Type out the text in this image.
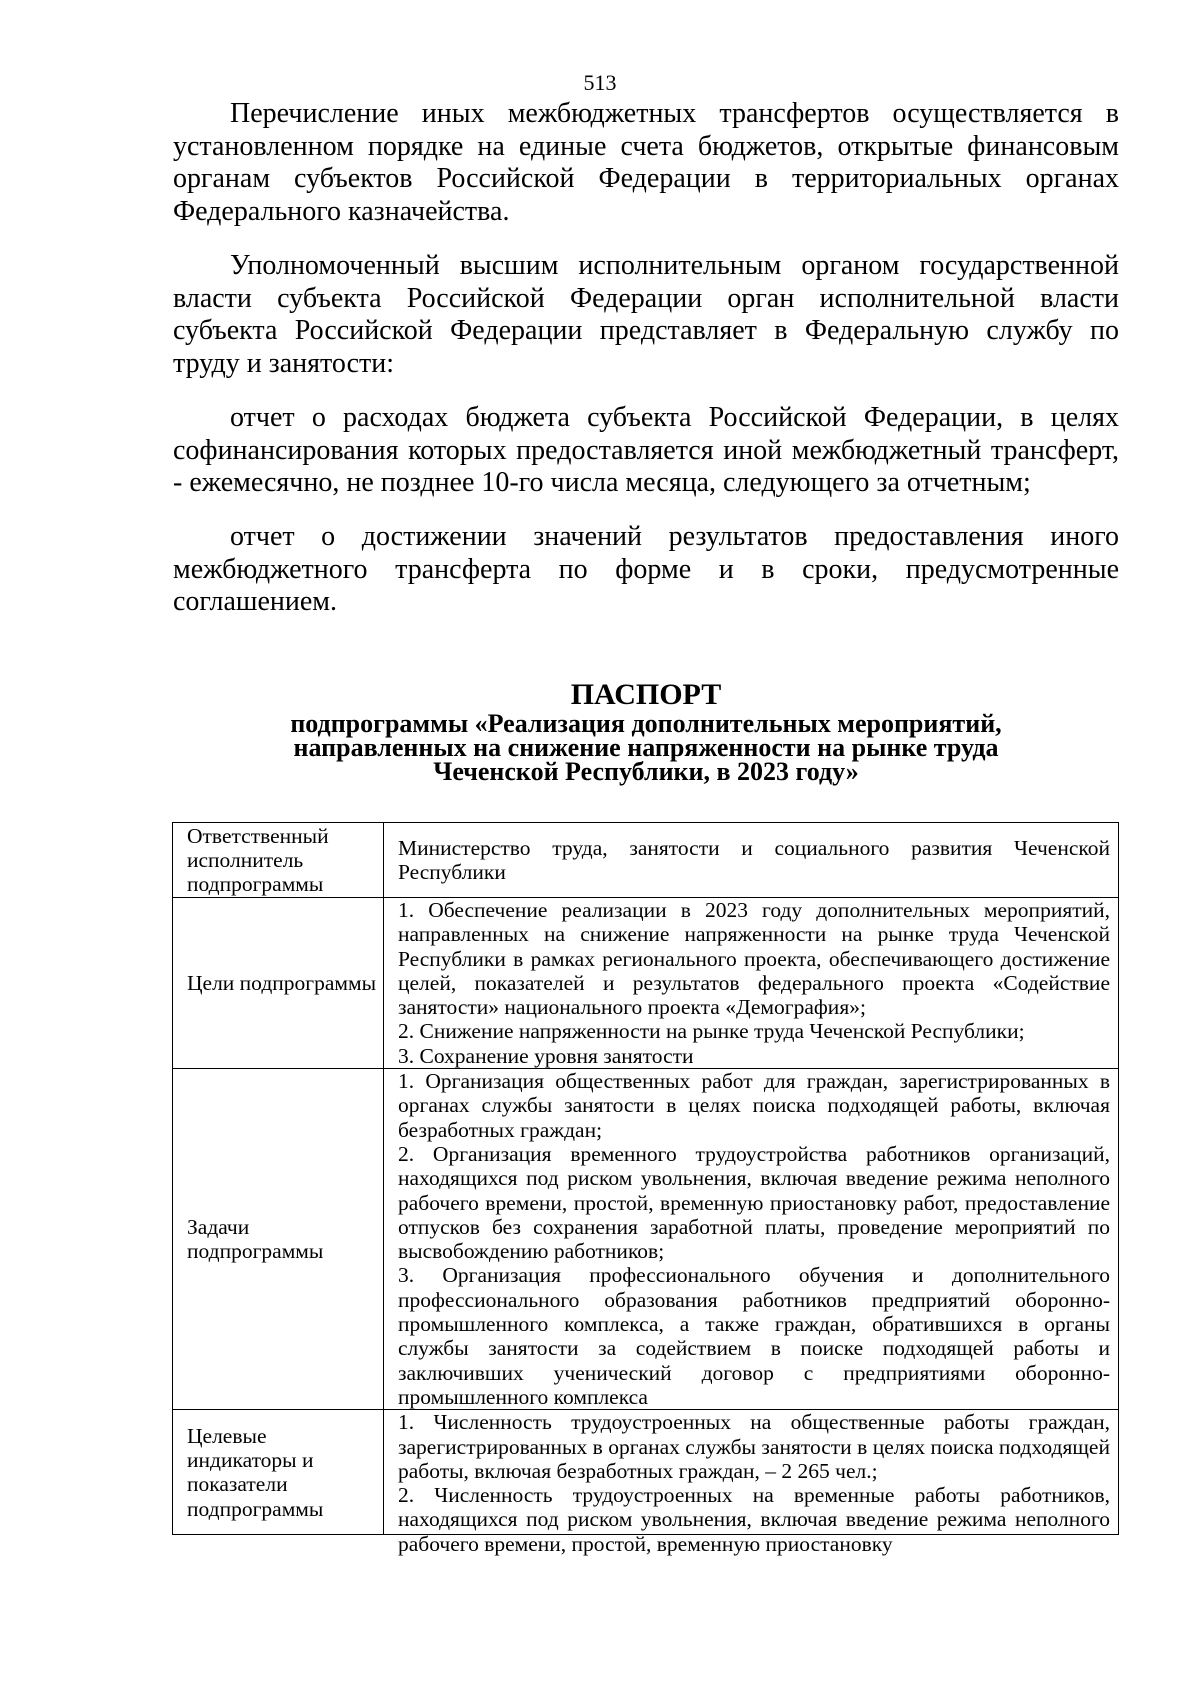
513

Перечисление иных межбюджетных трансфертов осуществляется в установленном порядке на единые счета бюджетов, открытые финансовым органам субъектов Российской Федерации в территориальных органах Федерального казначейства.

Уполномоченный высшим исполнительным органом государственной власти субъекта Российской Федерации орган исполнительной власти субъекта Российской Федерации представляет в Федеральную службу по труду и занятости:

отчет о расходах бюджета субъекта Российской Федерации, в целях софинансирования которых предоставляется иной межбюджетный трансферт, - ежемесячно, не позднее 10-го числа месяца, следующего за отчетным;

отчет о достижении значений результатов предоставления иного межбюджетного трансферта по форме и в сроки, предусмотренные соглашением.

ПАСПОРТ
подпрограммы «Реализация дополнительных мероприятий,
направленных на снижение напряженности на рынке труда
Чеченской Республики, в 2023 году»
Ответственный исполнитель подпрограммы	Министерство труда, занятости и социального развития Чеченской Республики

Цели подпрограммы	1. Обеспечение реализации в 2023 году дополнительных мероприятий, направленных на снижение напряженности на рынке труда Чеченской Республики в рамках регионального проекта, обеспечивающего достижение целей, показателей и результатов федерального проекта «Содействие занятости» национального проекта «Демография»;
2. Снижение напряженности на рынке труда Чеченской Республики;
3. Сохранение уровня занятости

Задачи подпрограммы	1. Организация общественных работ для граждан, зарегистрированных в органах службы занятости в целях поиска подходящей работы, включая безработных граждан;
2. Организация временного трудоустройства работников организаций, находящихся под риском увольнения, включая введение режима неполного рабочего времени, простой, временную приостановку работ, предоставление отпусков без сохранения заработной платы, проведение мероприятий по высвобождению работников;
3. Организация профессионального обучения и дополнительного профессионального образования работников предприятий оборонно-промышленного комплекса, а также граждан, обратившихся в органы службы занятости за содействием в поиске подходящей работы и заключивших ученический договор с предприятиями оборонно-промышленного комплекса

Целевые индикаторы и показатели подпрограммы	1. Численность трудоустроенных на общественные работы граждан, зарегистрированных в органах службы занятости в целях поиска подходящей работы, включая безработных граждан, – 2 265 чел.;
2. Численность трудоустроенных на временные работы работников, находящихся под риском увольнения, включая введение режима неполного рабочего времени, простой, временную приостановку
